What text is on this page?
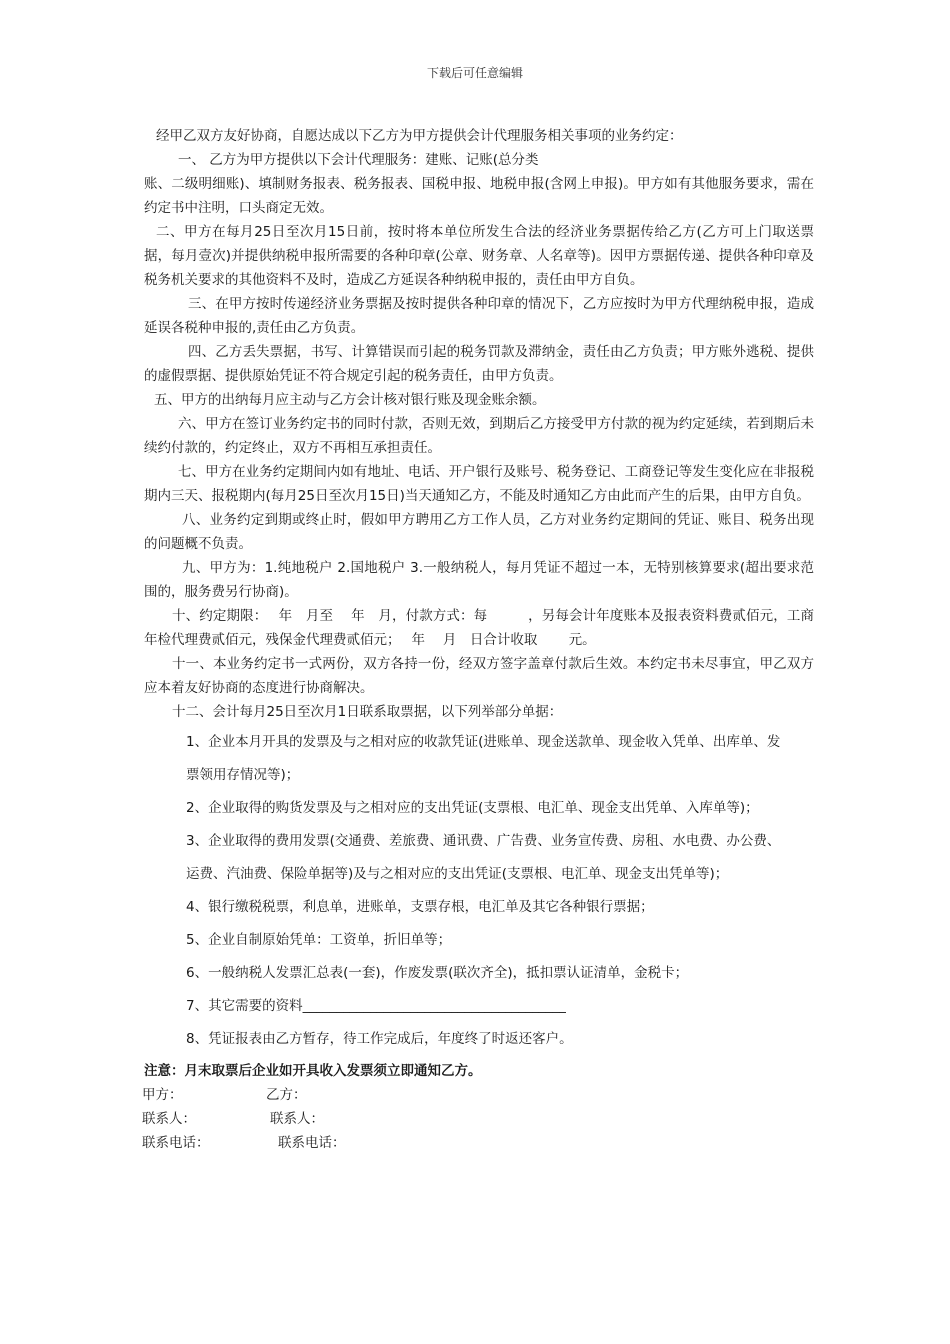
下载后可任意编辑

经甲乙双方友好协商，自愿达成以下乙方为甲方提供会计代理服务相关事项的业务约定：

一、 乙方为甲方提供以下会计代理服务：建账、记账(总分类

账、二级明细账)、填制财务报表、税务报表、国税申报、地税申报(含网上申报)。甲方如有其他服务要求，需在约定书中注明，口头商定无效。

二、甲方在每月25日至次月15日前，按时将本单位所发生合法的经济业务票据传给乙方(乙方可上门取送票据，每月壹次)并提供纳税申报所需要的各种印章(公章、财务章、人名章等)。因甲方票据传递、提供各种印章及税务机关要求的其他资料不及时，造成乙方延误各种纳税申报的，责任由甲方自负。

三、在甲方按时传递经济业务票据及按时提供各种印章的情况下，乙方应按时为甲方代理纳税申报，造成延误各税种申报的,责任由乙方负责。

四、乙方丢失票据，书写、计算错误而引起的税务罚款及滞纳金，责任由乙方负责；甲方账外逃税、提供的虚假票据、提供原始凭证不符合规定引起的税务责任，由甲方负责。

五、甲方的出纳每月应主动与乙方会计核对银行账及现金账余额。

六、甲方在签订业务约定书的同时付款，否则无效，到期后乙方接受甲方付款的视为约定延续，若到期后未续约付款的，约定终止，双方不再相互承担责任。

七、甲方在业务约定期间内如有地址、电话、开户银行及账号、税务登记、工商登记等发生变化应在非报税期内三天、报税期内(每月25日至次月15日)当天通知乙方，不能及时通知乙方由此而产生的后果，由甲方自负。

八、业务约定到期或终止时，假如甲方聘用乙方工作人员，乙方对业务约定期间的凭证、账目、税务出现的问题概不负责。

九、甲方为：1.纯地税户 2.国地税户 3.一般纳税人，每月凭证不超过一本，无特别核算要求(超出要求范围的，服务费另行协商)。

十、约定期限：　 年　月至　 年　月，付款方式：每　　　，另每会计年度账本及报表资料费贰佰元，工商年检代理费贰佰元，残保金代理费贰佰元；　 年　 月　日合计收取　　 元。

十一、本业务约定书一式两份，双方各持一份，经双方签字盖章付款后生效。本约定书未尽事宜，甲乙双方应本着友好协商的态度进行协商解决。

十二、会计每月25日至次月1日联系取票据，以下列举部分单据：

1、企业本月开具的发票及与之相对应的收款凭证(进账单、现金送款单、现金收入凭单、出库单、发

票领用存情况等)；

2、企业取得的购货发票及与之相对应的支出凭证(支票根、电汇单、现金支出凭单、入库单等)；

3、企业取得的费用发票(交通费、差旅费、通讯费、广告费、业务宣传费、房租、水电费、办公费、

运费、汽油费、保险单据等)及与之相对应的支出凭证(支票根、电汇单、现金支出凭单等)；

4、银行缴税税票，利息单，进账单，支票存根，电汇单及其它各种银行票据；

5、企业自制原始凭单：工资单，折旧单等；

6、一般纳税人发票汇总表(一套)，作废发票(联次齐全)，抵扣票认证清单，金税卡；

7、其它需要的资料_______________________________________

8、凭证报表由乙方暂存，待工作完成后，年度终了时返还客户。

注意：月末取票后企业如开具收入发票须立即通知乙方。

甲方：	乙方：

联系人：	联系人：

联系电话：	联系电话：
